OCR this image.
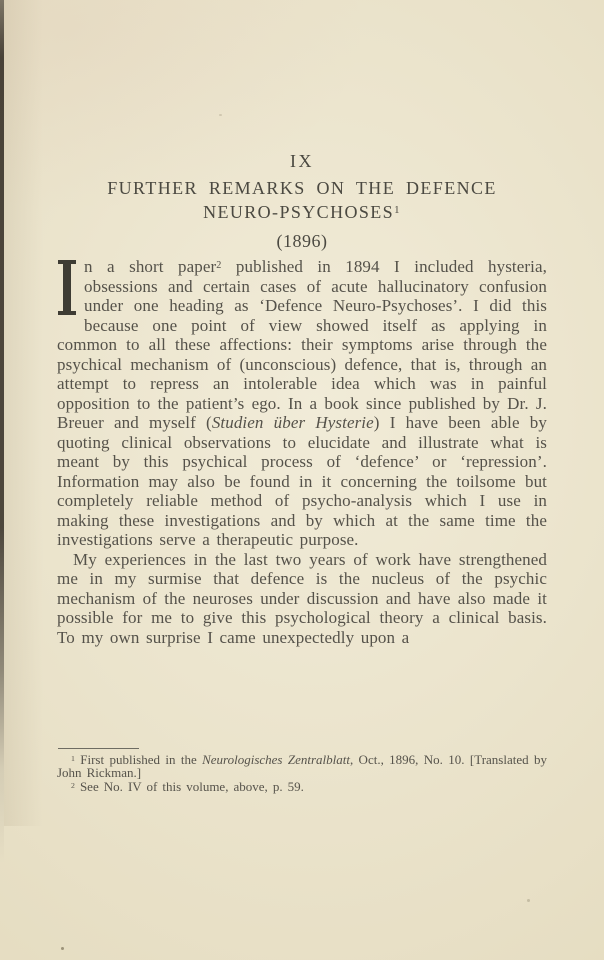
IX
FURTHER REMARKS ON THE DEFENCE
NEURO-PSYCHOSES$^1$
(1896)

n a short paper$^2$ published in 1894 I included hysteria, obsessions and certain cases of acute hallucinatory confusion under one heading as ‘Defence Neuro-Psychoses’. I did this because one point of view showed itself as applying in common to all these affections: their symptoms arise through the psychical mechanism of (unconscious) defence, that is, through an attempt to repress an intolerable idea which was in painful opposition to the patient’s ego. In a book since published by Dr. J. Breuer and myself (Studien über Hysterie) I have been able by quoting clinical observations to elucidate and illustrate what is meant by this psychical process of ‘defence’ or ‘repression’. Information may also be found in it concerning the toilsome but completely reliable method of psycho-analysis which I use in making these investigations and by which at the same time the investigations serve a therapeutic purpose.

My experiences in the last two years of work have strengthened me in my surmise that defence is the nucleus of the psychic mechanism of the neuroses under discussion and have also made it possible for me to give this psychological theory a clinical basis. To my own surprise I came unexpectedly upon a

$^1$ First published in the Neurologisches Zentralblatt, Oct., 1896, No. 10. [Translated by John Rickman.]

$^2$ See No. IV of this volume, above, p. 59.
